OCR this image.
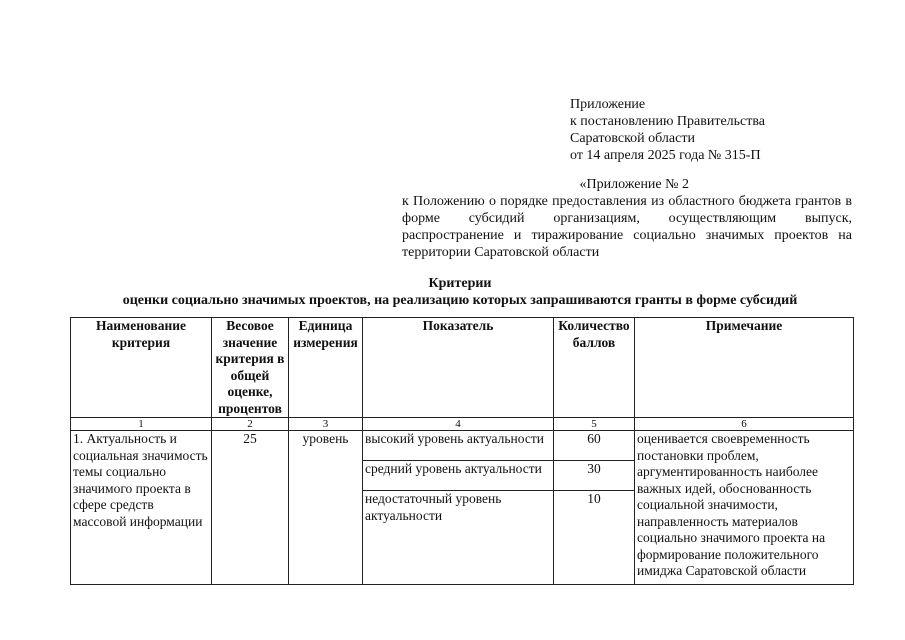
Приложение
к постановлению Правительства
Саратовской области
от 14 апреля 2025 года № 315-П
«Приложение № 2
к Положению о порядке предоставления из областного бюджета грантов в форме субсидий организациям, осуществляющим выпуск, распространение и тиражирование социально значимых проектов на территории Саратовской области
Критерии
оценки социально значимых проектов, на реализацию которых запрашиваются гранты в форме субсидий
Наименование критерия	Весовое значение критерия в общей оценке, процентов	Единица измерения	Показатель	Количество баллов	Примечание
1	2	3	4	5	6
1. Актуальность и социальная значимость темы социально значимого проекта в сфере средств массовой информации	25	уровень	высокий уровень актуальности	60	оценивается своевременность постановки проблем, аргументированность наиболее важных идей, обоснованность социальной значимости, направленность материалов социально значимого проекта на формирование положительного имиджа Саратовской области
			средний уровень актуальности	30	
			недостаточный уровень актуальности	10	
